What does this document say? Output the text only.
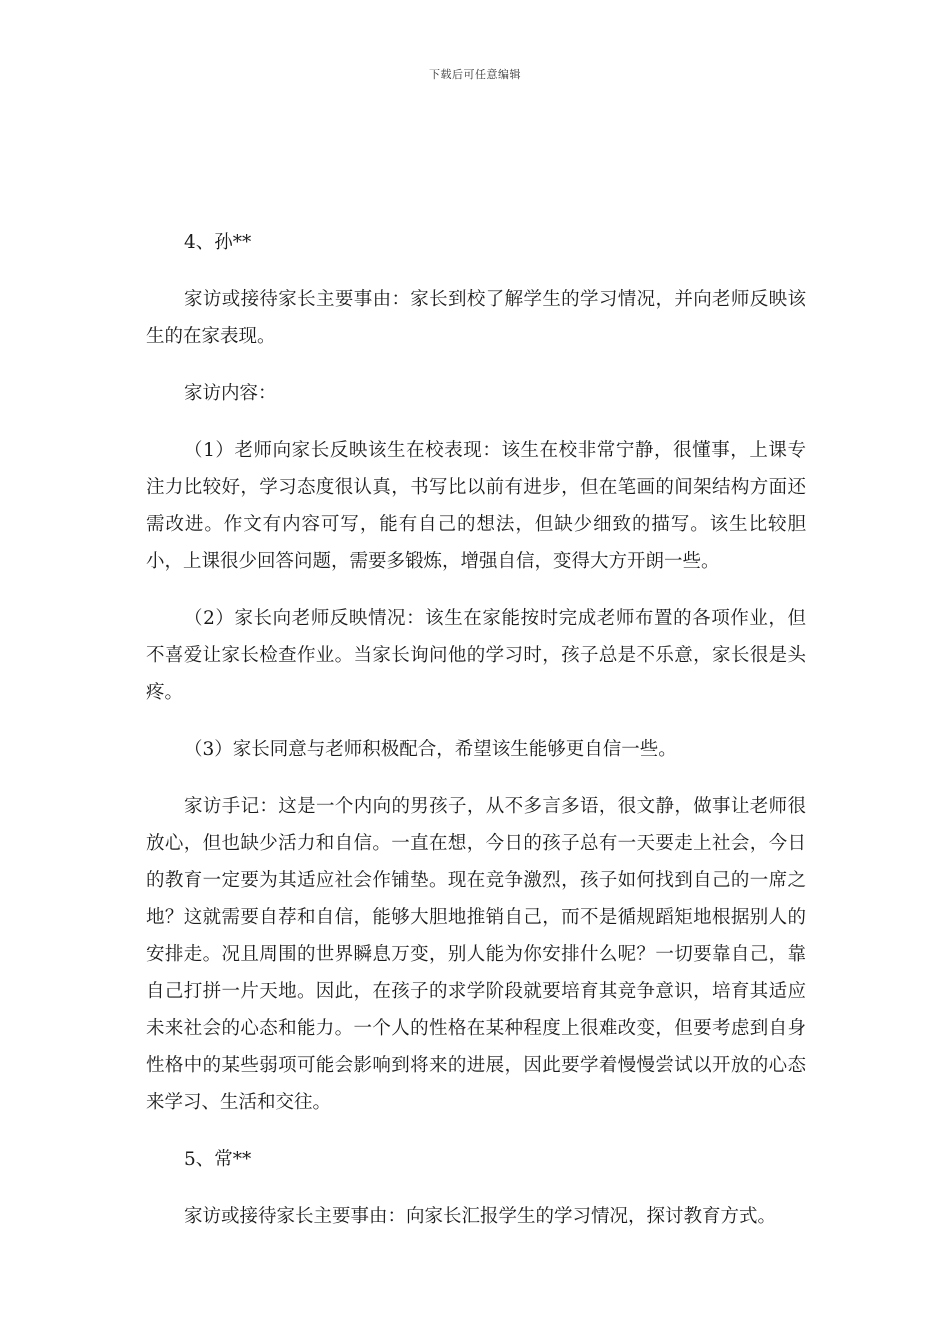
下载后可任意编辑

4、孙**

家访或接待家长主要事由：家长到校了解学生的学习情况，并向老师反映该生的在家表现。

家访内容：

（1）老师向家长反映该生在校表现：该生在校非常宁静，很懂事，上课专注力比较好，学习态度很认真，书写比以前有进步，但在笔画的间架结构方面还需改进。作文有内容可写，能有自己的想法，但缺少细致的描写。该生比较胆小，上课很少回答问题，需要多锻炼，增强自信，变得大方开朗一些。

（2）家长向老师反映情况：该生在家能按时完成老师布置的各项作业，但不喜爱让家长检查作业。当家长询问他的学习时，孩子总是不乐意，家长很是头疼。

（3）家长同意与老师积极配合，希望该生能够更自信一些。

家访手记：这是一个内向的男孩子，从不多言多语，很文静，做事让老师很放心，但也缺少活力和自信。一直在想，今日的孩子总有一天要走上社会，今日的教育一定要为其适应社会作铺垫。现在竞争激烈，孩子如何找到自己的一席之地？这就需要自荐和自信，能够大胆地推销自己，而不是循规蹈矩地根据别人的安排走。况且周围的世界瞬息万变，别人能为你安排什么呢？一切要靠自己，靠自己打拼一片天地。因此，在孩子的求学阶段就要培育其竞争意识，培育其适应未来社会的心态和能力。一个人的性格在某种程度上很难改变，但要考虑到自身性格中的某些弱项可能会影响到将来的进展，因此要学着慢慢尝试以开放的心态来学习、生活和交往。

5、常**

家访或接待家长主要事由：向家长汇报学生的学习情况，探讨教育方式。
